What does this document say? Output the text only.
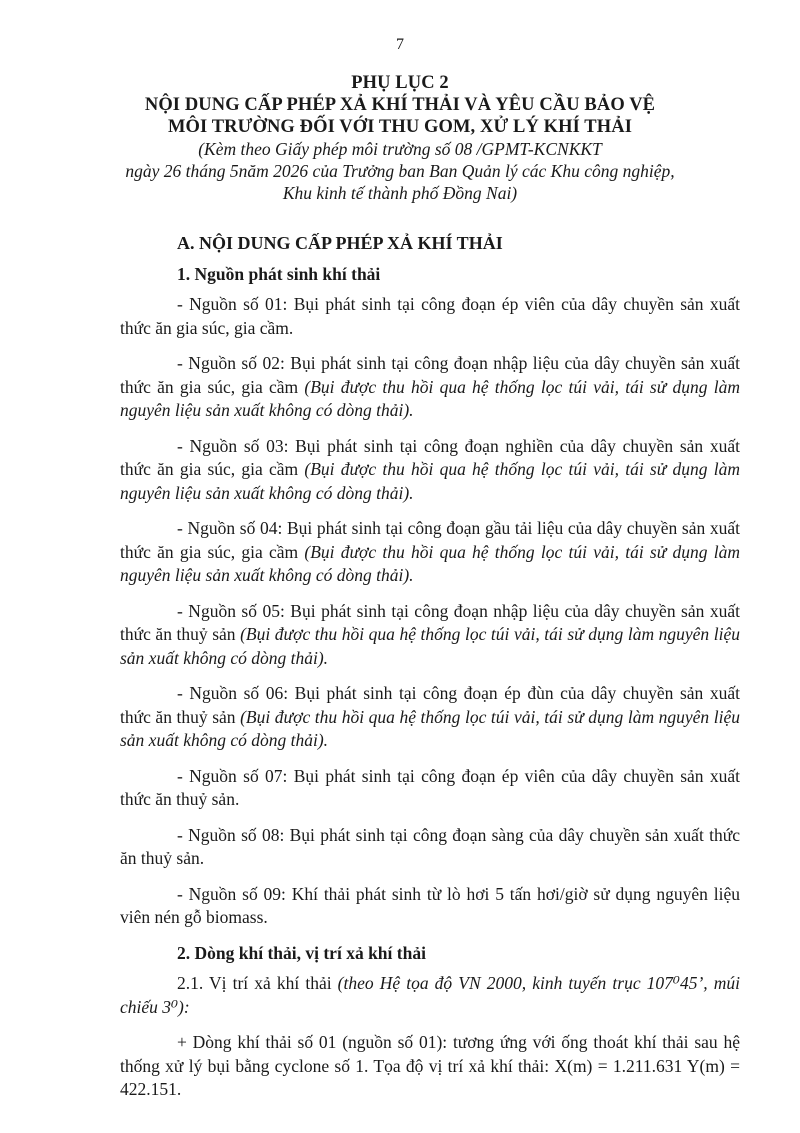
7
PHỤ LỤC 2
NỘI DUNG CẤP PHÉP XẢ KHÍ THẢI VÀ YÊU CẦU BẢO VỆ
MÔI TRƯỜNG ĐỐI VỚI THU GOM, XỬ LÝ KHÍ THẢI
(Kèm theo Giấy phép môi trường số 08 /GPMT-KCNKKT
ngày 26 tháng 5năm 2026 của Trưởng ban Ban Quản lý các Khu công nghiệp,
Khu kinh tế thành phố Đồng Nai)
A. NỘI DUNG CẤP PHÉP XẢ KHÍ THẢI
1. Nguồn phát sinh khí thải

- Nguồn số 01: Bụi phát sinh tại công đoạn ép viên của dây chuyền sản xuất thức ăn gia súc, gia cầm.

- Nguồn số 02: Bụi phát sinh tại công đoạn nhập liệu của dây chuyền sản xuất thức ăn gia súc, gia cầm (Bụi được thu hồi qua hệ thống lọc túi vải, tái sử dụng làm nguyên liệu sản xuất không có dòng thải).

- Nguồn số 03: Bụi phát sinh tại công đoạn nghiền của dây chuyền sản xuất thức ăn gia súc, gia cầm (Bụi được thu hồi qua hệ thống lọc túi vải, tái sử dụng làm nguyên liệu sản xuất không có dòng thải).

- Nguồn số 04: Bụi phát sinh tại công đoạn gầu tải liệu của dây chuyền sản xuất thức ăn gia súc, gia cầm (Bụi được thu hồi qua hệ thống lọc túi vải, tái sử dụng làm nguyên liệu sản xuất không có dòng thải).

- Nguồn số 05: Bụi phát sinh tại công đoạn nhập liệu của dây chuyền sản xuất thức ăn thuỷ sản (Bụi được thu hồi qua hệ thống lọc túi vải, tái sử dụng làm nguyên liệu sản xuất không có dòng thải).

- Nguồn số 06: Bụi phát sinh tại công đoạn ép đùn của dây chuyền sản xuất thức ăn thuỷ sản (Bụi được thu hồi qua hệ thống lọc túi vải, tái sử dụng làm nguyên liệu sản xuất không có dòng thải).

- Nguồn số 07: Bụi phát sinh tại công đoạn ép viên của dây chuyền sản xuất thức ăn thuỷ sản.

- Nguồn số 08: Bụi phát sinh tại công đoạn sàng của dây chuyền sản xuất thức ăn thuỷ sản.

- Nguồn số 09: Khí thải phát sinh từ lò hơi 5 tấn hơi/giờ sử dụng nguyên liệu viên nén gỗ biomass.

2. Dòng khí thải, vị trí xả khí thải

2.1. Vị trí xả khí thải (theo Hệ tọa độ VN 2000, kinh tuyến trục 107⁰45’, múi chiếu 3⁰):

+ Dòng khí thải số 01 (nguồn số 01): tương ứng với ống thoát khí thải sau hệ thống xử lý bụi bằng cyclone số 1. Tọa độ vị trí xả khí thải: X(m) = 1.211.631 Y(m) = 422.151.
